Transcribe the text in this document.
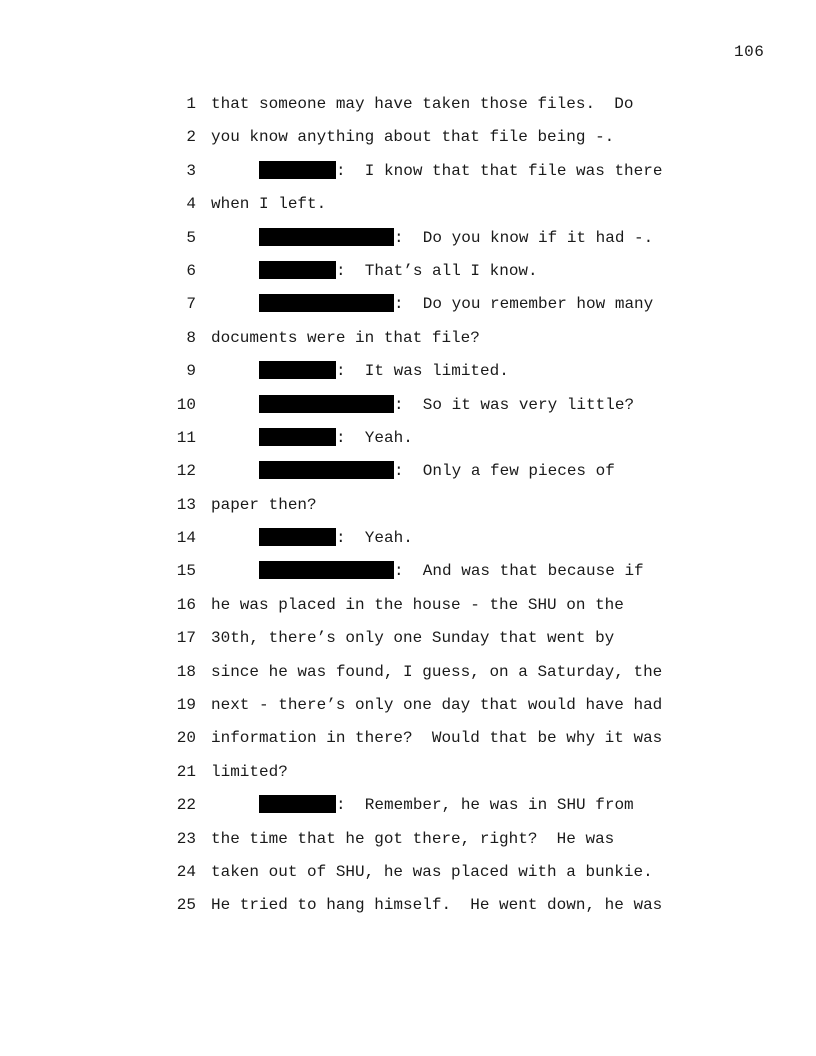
106
1 that someone may have taken those files.  Do
2 you know anything about that file being -.
3	:  I know that that file was there
4 when I left.
5	:  Do you know if it had -.
6	:  That’s all I know.
7	:  Do you remember how many
8 documents were in that file?
9	:  It was limited.
10	:  So it was very little?
11	:  Yeah.
12	:  Only a few pieces of
13 paper then?
14	:  Yeah.
15	:  And was that because if
16 he was placed in the house - the SHU on the
17 30th, there’s only one Sunday that went by
18 since he was found, I guess, on a Saturday, the
19 next - there’s only one day that would have had
20 information in there?  Would that be why it was
21 limited?
22	:  Remember, he was in SHU from
23 the time that he got there, right?  He was
24 taken out of SHU, he was placed with a bunkie.
25 He tried to hang himself.  He went down, he was
